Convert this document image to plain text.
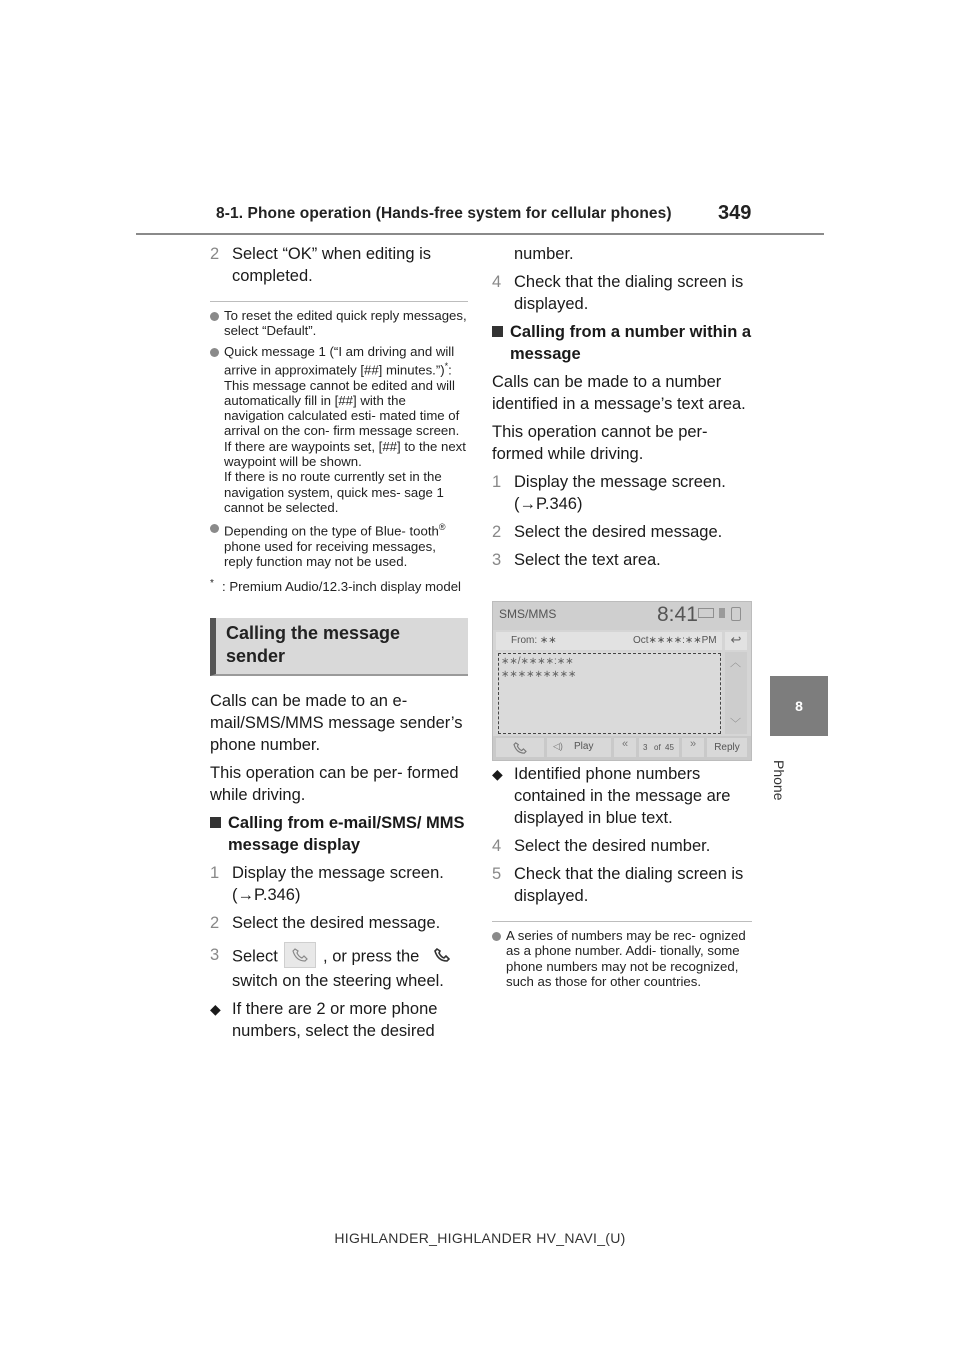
8-1. Phone operation (Hands-free system for cellular phones) 349
8
Phone
2 Select “OK” when editing is completed.
To reset the edited quick reply messages, select “Default”.
Quick message 1 (“I am driving and will arrive in approximately [##] minutes.”)*:
This message cannot be edited and will automatically fill in [##] with the navigation calculated esti- mated time of arrival on the con- firm message screen.
If there are waypoints set, [##] to the next waypoint will be shown.
If there is no route currently set in the navigation system, quick mes- sage 1 cannot be selected.
Depending on the type of Blue- tooth® phone used for receiving messages, reply function may not be used.
* : Premium Audio/12.3-inch display model
Calling the message sender
Calls can be made to an e-mail/SMS/MMS message sender’s phone number.
This operation can be per- formed while driving.
Calling from e-mail/SMS/ MMS message display
1 Display the message screen. (→P.346)
2 Select the desired message.
3 Select	, or press the
switch on the steering wheel.
◆ If there are 2 or more phone numbers, select the desired
number.
4 Check that the dialing screen is displayed.
Calling from a number within a message
Calls can be made to a number identified in a message’s text area.
This operation cannot be per- formed while driving.
1 Display the message screen. (→P.346)
2 Select the desired message.
3 Select the text area.
SMS/MMS	8:41
From: ∗∗	Oct∗∗∗∗:∗∗PM	↩
∗∗/∗∗∗∗:∗∗
∗∗∗∗∗∗∗∗∗
︿
﹀
◁) Play	«	3 of 45	»	Reply
◆ Identified phone numbers contained in the message are displayed in blue text.
4 Select the desired number.
5 Check that the dialing screen is displayed.
A series of numbers may be rec- ognized as a phone number. Addi- tionally, some phone numbers may not be recognized, such as those for other countries.
HIGHLANDER_HIGHLANDER HV_NAVI_(U)
